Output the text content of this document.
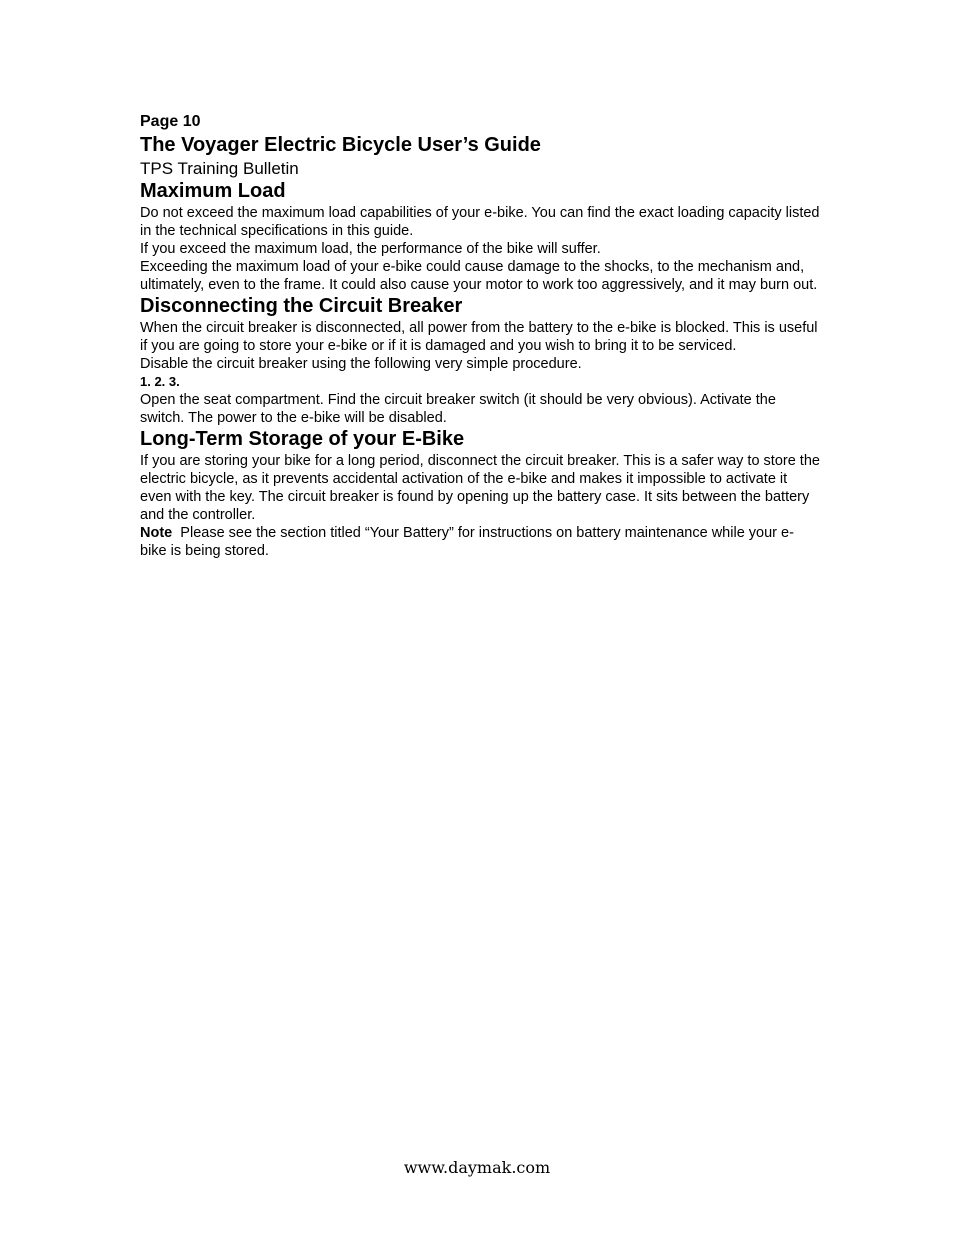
Page 10

The Voyager Electric Bicycle User’s Guide

TPS Training Bulletin

Maximum Load

Do not exceed the maximum load capabilities of your e-bike. You can find the exact loading capacity listed in the technical specifications in this guide.

If you exceed the maximum load, the performance of the bike will suffer.

Exceeding the maximum load of your e-bike could cause damage to the shocks, to the mechanism and, ultimately, even to the frame. It could also cause your motor to work too aggressively, and it may burn out.

Disconnecting the Circuit Breaker

When the circuit breaker is disconnected, all power from the battery to the e-bike is blocked. This is useful if you are going to store your e-bike or if it is damaged and you wish to bring it to be serviced.

Disable the circuit breaker using the following very simple procedure.

1. 2. 3.

Open the seat compartment. Find the circuit breaker switch (it should be very obvious). Activate the switch. The power to the e-bike will be disabled.

Long-Term Storage of your E-Bike

If you are storing your bike for a long period, disconnect the circuit breaker. This is a safer way to store the electric bicycle, as it prevents accidental activation of the e-bike and makes it impossible to activate it even with the key. The circuit breaker is found by opening up the battery case. It sits between the battery and the controller.

Note Please see the section titled “Your Battery” for instructions on battery maintenance while your e-bike is being stored.

www.daymak.com
